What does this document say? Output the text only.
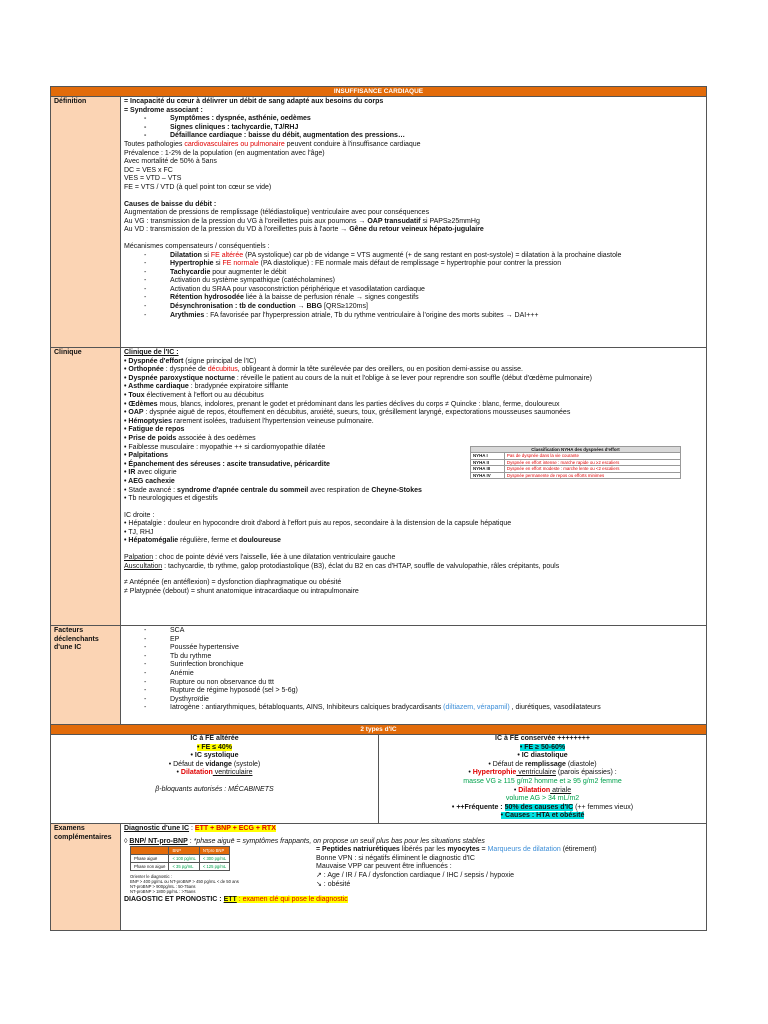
INSUFFISANCE CARDIAQUE
Définition	= Incapacité du cœur à délivrer un débit de sang adapté aux besoins du corps
= Syndrome associant :
- Symptômes : dyspnée, asthénie, oedèmes
- Signes cliniques : tachycardie, TJ/RHJ
- Défaillance cardiaque : baisse du débit, augmentation des pressions…
Toutes pathologies cardiovasculaires ou pulmonaire peuvent conduire à l'insuffisance cardiaque
Prévalence : 1-2% de la population (en augmentation avec l'âge)
Avec mortalité de 50% à 5ans
DC = VES x FC
VES = VTD – VTS
FE = VTS / VTD (à quel point ton cœur se vide)
Causes de baisse du débit :
Augmentation de pressions de remplissage (télédiastolique) ventriculaire avec pour conséquences
Au VG : transmission de la pression du VG à l'oreillettes puis aux poumons → OAP transudatif si PAPS≥25mmHg
Au VD : transmission de la pression du VD à l'oreillettes puis à l'aorte → Gêne du retour veineux hépato-jugulaire
Mécanismes compensateurs / conséquentiels :
- Dilatation si FE altérée (PA systolique) car pb de vidange = VTS augmenté (+ de sang restant en post-systole) = dilatation à la prochaine diastole
- Hypertrophie si FE normale (PA diastolique) : FE normale mais défaut de remplissage = hypertrophie pour contrer la pression
- Tachycardie pour augmenter le débit
- Activation du système sympathique (catécholamines)
- Activation du SRAA pour vasoconstriction périphérique et vasodilatation cardiaque
- Rétention hydrosodée liée à la baisse de perfusion rénale → signes congestifs
- Désynchronisation : tb de conduction → BBG [QRS≥120ms]
- Arythmies : FA favorisée par l'hyperpression atriale, Tb du rythme ventriculaire à l'origine des morts subites → DAI+++

Clinique	Clinique de l'IC :
• Dyspnée d'effort (signe principal de l'IC)
• Orthopnée : dyspnée de décubitus, obligeant à dormir la tête surélevée par des oreillers, ou en position demi-assise ou assise.
• Dyspnée paroxystique nocturne : réveille le patient au cours de la nuit et l'oblige à se lever pour reprendre son souffle (début d'œdème pulmonaire)
• Asthme cardiaque : bradypnée expiratoire sifflante
• Toux électivement à l'effort ou au décubitus
• Œdèmes mous, blancs, indolores, prenant le godet et prédominant dans les parties déclives du corps ≠ Quincke : blanc, ferme, douloureux
• OAP : dyspnée aiguë de repos, étouffement en décubitus, anxiété, sueurs, toux, grésillement laryngé, expectorations mousseuses saumonées
• Hémoptysies rarement isolées, traduisent l'hypertension veineuse pulmonaire.
• Fatigue de repos
• Prise de poids associée à des oedèmes
• Faiblesse musculaire : myopathie ++ si cardiomyopathie dilatée
• Palpitations
• Épanchement des séreuses : ascite transudative, péricardite
• IR avec oligurie
• AEG cachexie
• Stade avancé : syndrome d'apnée centrale du sommeil avec respiration de Cheyne-Stokes
• Tb neurologiques et digestifs
IC droite :
• Hépatalgie : douleur en hypocondre droit d'abord à l'effort puis au repos, secondaire à la distension de la capsule hépatique
• TJ, RHJ
• Hépatomégalie régulière, ferme et douloureuse
Palpation : choc de pointe dévié vers l'aisselle, liée à une dilatation ventriculaire gauche
Auscultation : tachycardie, tb rythme, galop protodiastolique (B3), éclat du B2 en cas d'HTAP, souffle de valvulopathie, râles crépitants, pouls
≠ Antépnée (en antéflexion) = dysfonction diaphragmatique ou obésité
≠ Platypnée (debout) = shunt anatomique intracardiaque ou intrapulmonaire

Facteurs déclenchants d'une IC	
- SCA
- EP
- Poussée hypertensive
- Tb du rythme
- Surinfection bronchique
- Anémie
- Rupture ou non observance du ttt
- Rupture de régime hyposodé (sel > 5-6g)
- Dysthyroïdie
- Iatrogène : antiarythmiques, bétabloquants, AINS, Inhibiteurs calciques bradycardisants (diltiazem, vérapamil) , diurétiques, vasodilatateurs

2 types d'IC

IC à FE altérée
• FE ≤ 40%
• IC systolique
• Défaut de vidange (systole)
• Dilatation ventriculaire
β-bloquants autorisés : MÉCABINETS
IC à FE conservée ++++++++
• FE ≥ 50-60%
• IC diastolique
• Défaut de remplissage (diastole)
• Hypertrophie ventriculaire (parois épaissies) :
masse VG ≥ 115 g/m2 homme et ≥ 95 g/m2 femme
• Dilatation atriale
volume AG > 34 mL/m2
• ++Fréquente : 50% des causes d'IC (++ femmes vieux)
• Causes : HTA et obésité

Examens complémentaires	
Diagnostic d'une IC : ETT + BNP + ECG + RTX
◊ BNP/ NT-pro-BNP : *phase aiguë = symptômes frappants, on propose un seuil plus bas pour les situations stables
	BNP	NTpro BNP
Phase aiguë	< 100 pg/mL	< 300 pg/mL
Phase non aiguë	< 35 pg/mL	< 125 pg/mL
Orienter le diagnostic :
BNP > 400 pg/mL ou NT-proBNP > 450 pg/mL < de 50 ans
NT-proBNP > 900pg/mL : 50-75ans
NT-proBNP > 1800 pg/mL : >75ans
= Peptides natriurétiques libérés par les myocytes = Marqueurs de dilatation (étirement)
Bonne VPN : si négatifs éliminent le diagnostic d'IC
Mauvaise VPP car peuvent être influencés :
↗ : Age / IR / FA / dysfonction cardiaque / IHC / sepsis / hypoxie
↘ : obésité
DIAGOSTIC ET PRONOSTIC : ETT : examen clé qui pose le diagnostic
Classification NYHA des dyspnées d'effort	
NYHA I	Pas de dyspnée dans la vie courante
NYHA II	Dyspnée en effort intense : marche rapide ou ≥2 escaliers
NYHA III	Dyspnée en effort modeste : marche lente ou <2 escaliers
NYHA IV	Dyspnée permanente de repos ou efforts minimes
